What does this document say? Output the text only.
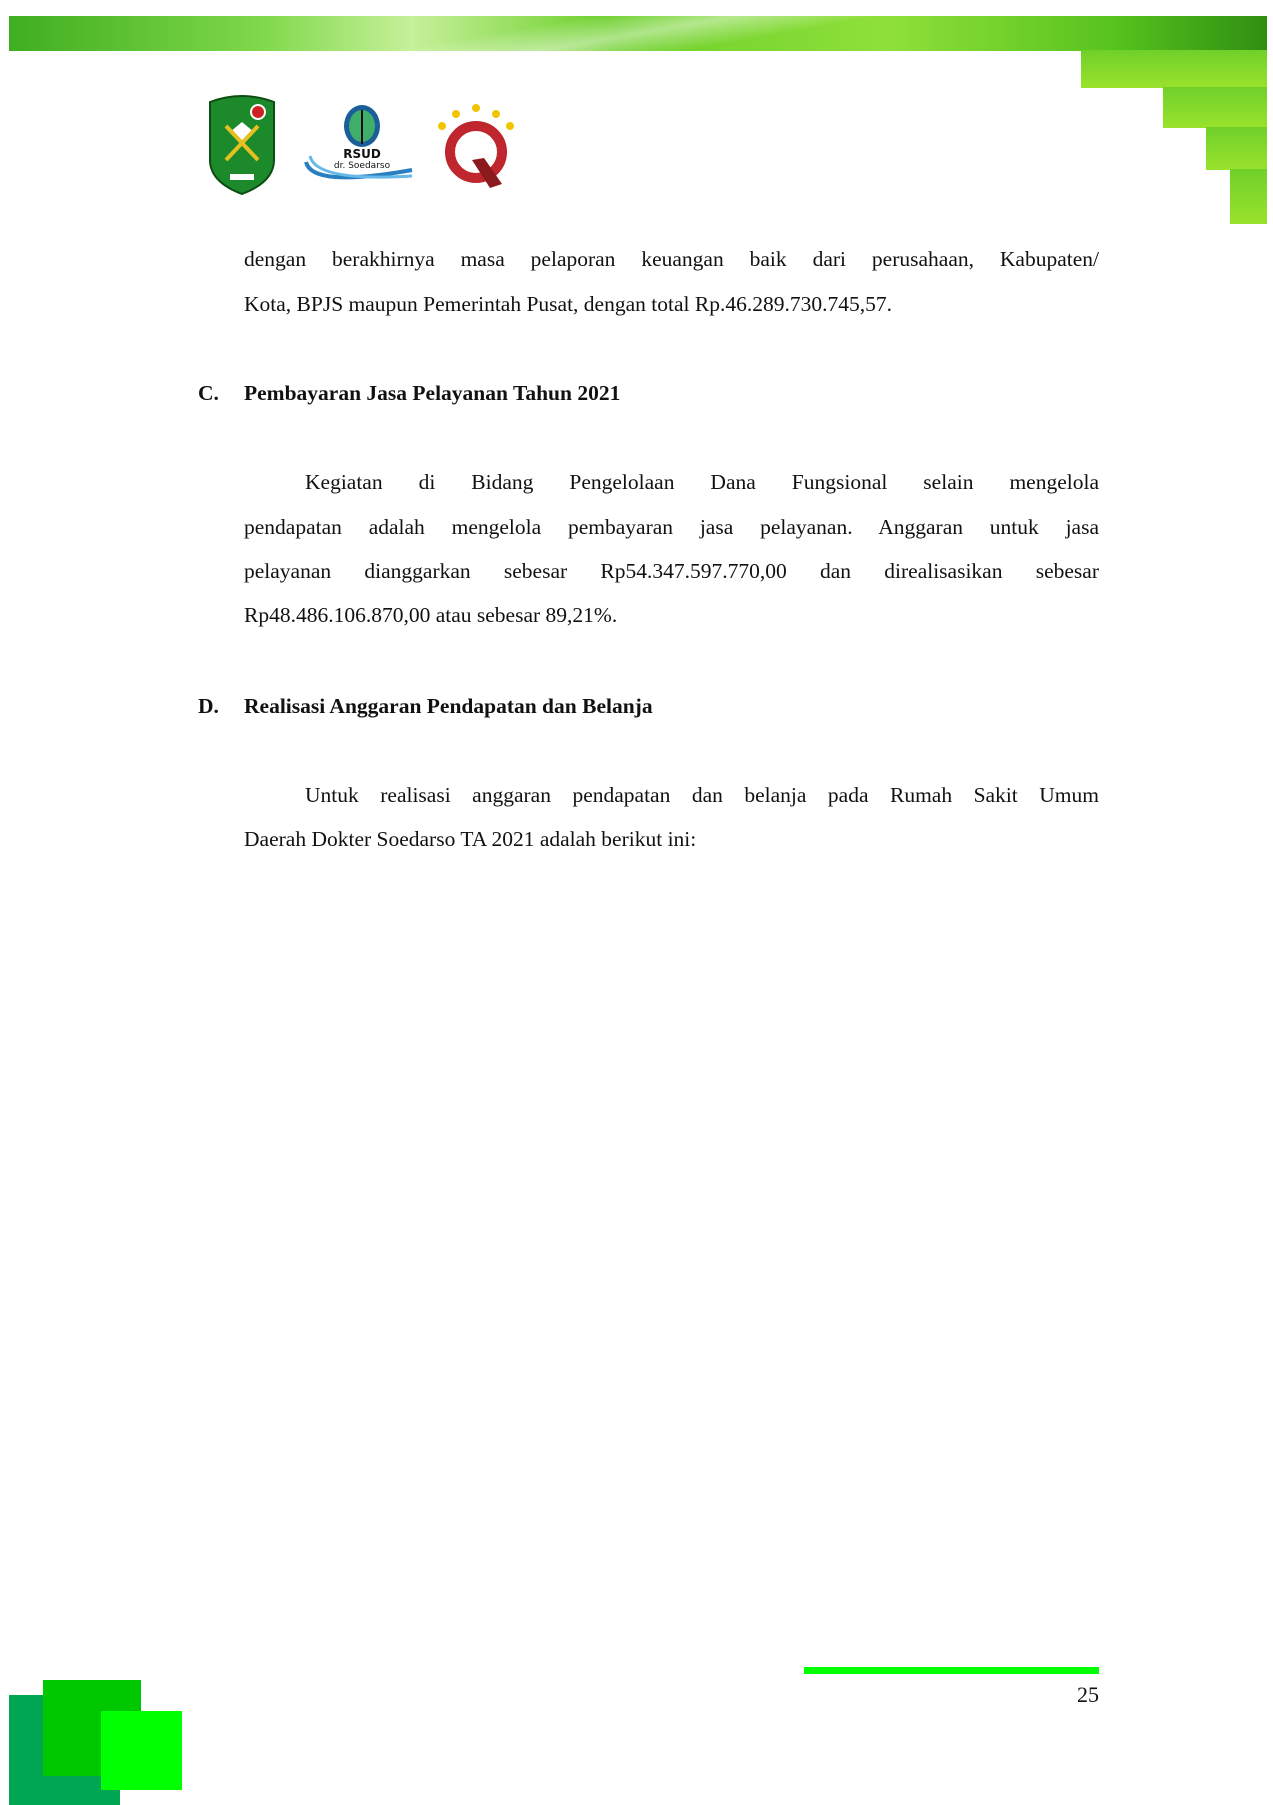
RSUD
dr. Soedarso
dengan berakhirnya masa pelaporan keuangan baik dari perusahaan, Kabupaten/
Kota, BPJS maupun Pemerintah Pusat, dengan total Rp.46.289.730.745,57.
C. Pembayaran Jasa Pelayanan Tahun 2021
Kegiatan di Bidang Pengelolaan Dana Fungsional selain mengelola
pendapatan adalah mengelola pembayaran jasa pelayanan. Anggaran untuk jasa
pelayanan dianggarkan sebesar Rp54.347.597.770,00 dan direalisasikan sebesar
Rp48.486.106.870,00 atau sebesar 89,21%.
D. Realisasi Anggaran Pendapatan dan Belanja
Untuk realisasi anggaran pendapatan dan belanja pada Rumah Sakit Umum
Daerah Dokter Soedarso TA 2021 adalah berikut ini:
25
